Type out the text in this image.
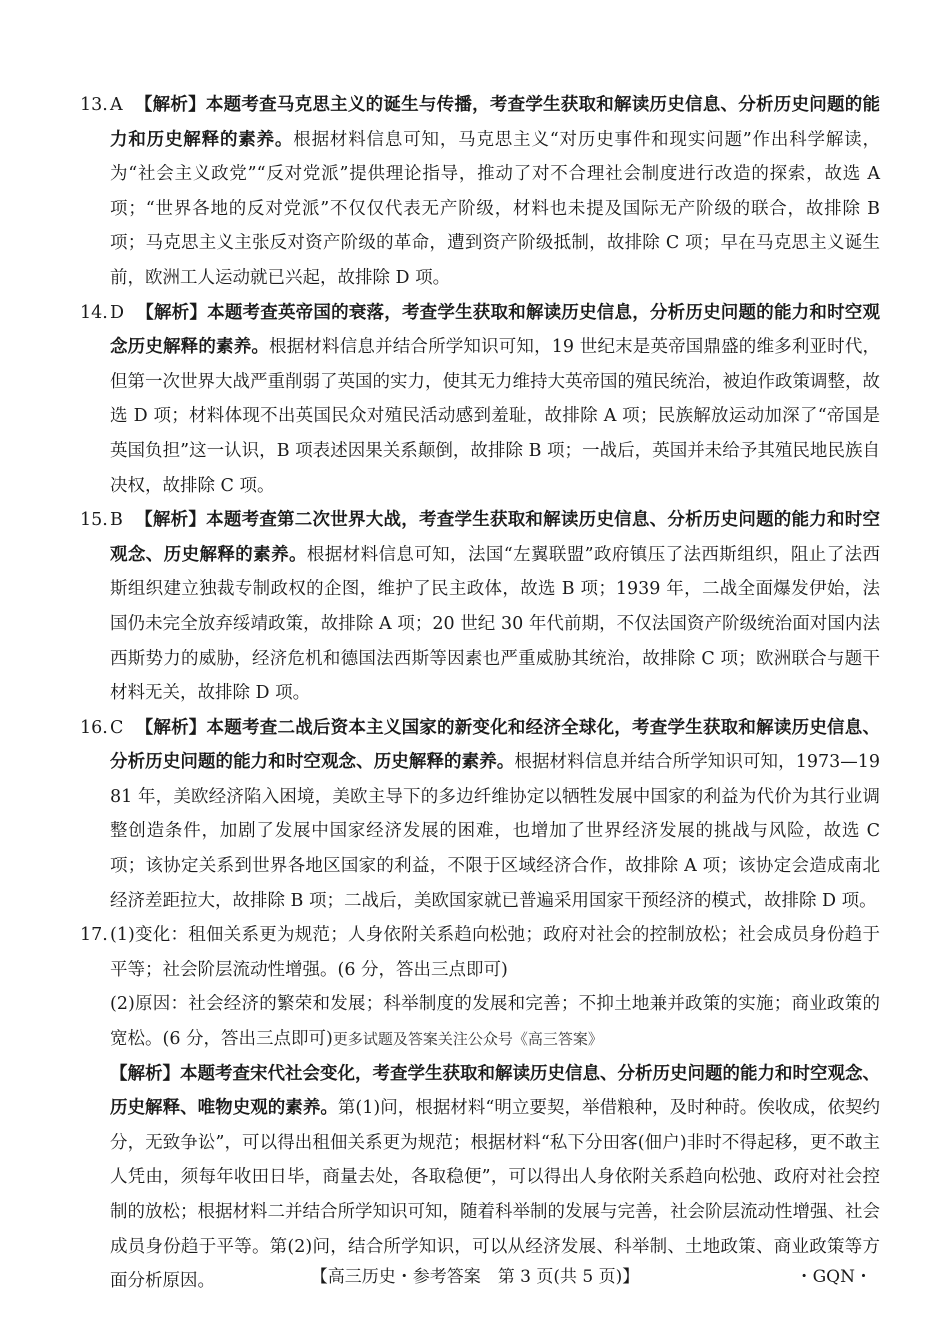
13. A 【解析】本题考查马克思主义的诞生与传播，考查学生获取和解读历史信息、分析历史问题的能力和历史解释的素养。根据材料信息可知，马克思主义“对历史事件和现实问题”作出科学解读，为“社会主义政党”“反对党派”提供理论指导，推动了对不合理社会制度进行改造的探索，故选 A 项；“世界各地的反对党派”不仅仅代表无产阶级，材料也未提及国际无产阶级的联合，故排除 B 项；马克思主义主张反对资产阶级的革命，遭到资产阶级抵制，故排除 C 项；早在马克思主义诞生前，欧洲工人运动就已兴起，故排除 D 项。
14. D 【解析】本题考查英帝国的衰落，考查学生获取和解读历史信息，分析历史问题的能力和时空观念历史解释的素养。根据材料信息并结合所学知识可知，19 世纪末是英帝国鼎盛的维多利亚时代，但第一次世界大战严重削弱了英国的实力，使其无力维持大英帝国的殖民统治，被迫作政策调整，故选 D 项；材料体现不出英国民众对殖民活动感到羞耻，故排除 A 项；民族解放运动加深了“帝国是英国负担”这一认识，B 项表述因果关系颠倒，故排除 B 项；一战后，英国并未给予其殖民地民族自决权，故排除 C 项。
15. B 【解析】本题考查第二次世界大战，考查学生获取和解读历史信息、分析历史问题的能力和时空观念、历史解释的素养。根据材料信息可知，法国“左翼联盟”政府镇压了法西斯组织，阻止了法西斯组织建立独裁专制政权的企图，维护了民主政体，故选 B 项；1939 年，二战全面爆发伊始，法国仍未完全放弃绥靖政策，故排除 A 项；20 世纪 30 年代前期，不仅法国资产阶级统治面对国内法西斯势力的威胁，经济危机和德国法西斯等因素也严重威胁其统治，故排除 C 项；欧洲联合与题干材料无关，故排除 D 项。
16. C 【解析】本题考查二战后资本主义国家的新变化和经济全球化，考查学生获取和解读历史信息、分析历史问题的能力和时空观念、历史解释的素养。根据材料信息并结合所学知识可知，1973—1981 年，美欧经济陷入困境，美欧主导下的多边纤维协定以牺牲发展中国家的利益为代价为其行业调整创造条件，加剧了发展中国家经济发展的困难，也增加了世界经济发展的挑战与风险，故选 C 项；该协定关系到世界各地区国家的利益，不限于区域经济合作，故排除 A 项；该协定会造成南北经济差距拉大，故排除 B 项；二战后，美欧国家就已普遍采用国家干预经济的模式，故排除 D 项。
17. (1)变化：租佃关系更为规范；人身依附关系趋向松弛；政府对社会的控制放松；社会成员身份趋于平等；社会阶层流动性增强。(6 分，答出三点即可)
(2)原因：社会经济的繁荣和发展；科举制度的发展和完善；不抑土地兼并政策的实施；商业政策的宽松。(6 分，答出三点即可)更多试题及答案关注公众号《高三答案》
【解析】本题考查宋代社会变化，考查学生获取和解读历史信息、分析历史问题的能力和时空观念、历史解释、唯物史观的素养。第(1)问，根据材料“明立要契，举借粮种，及时种莳。俟收成，依契约分，无致争讼”，可以得出租佃关系更为规范；根据材料“私下分田客(佃户)非时不得起移，更不敢主人凭由，须每年收田日毕，商量去处，各取稳便”，可以得出人身依附关系趋向松弛、政府对社会控制的放松；根据材料二并结合所学知识可知，随着科举制的发展与完善，社会阶层流动性增强、社会成员身份趋于平等。第(2)问，结合所学知识，可以从经济发展、科举制、土地政策、商业政策等方面分析原因。	【高三历史・参考答案　第 3 页(共 5 页)】	・GQN・
